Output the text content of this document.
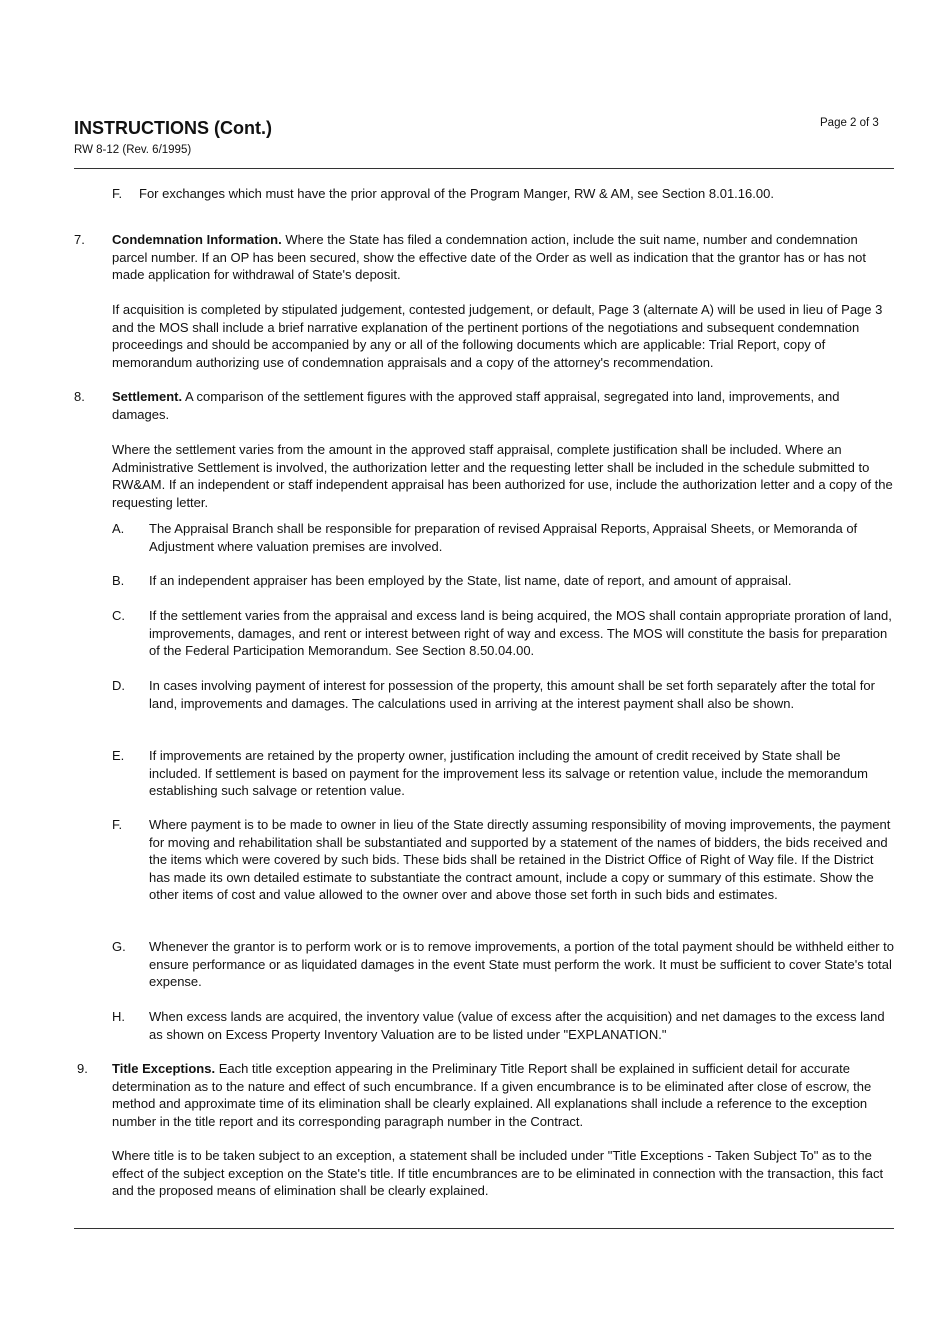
INSTRUCTIONS (Cont.)
RW 8-12 (Rev. 6/1995)
Page 2 of 3
F. For exchanges which must have the prior approval of the Program Manger, RW & AM, see Section 8.01.16.00.
7. Condemnation Information. Where the State has filed a condemnation action, include the suit name, number and condemnation parcel number. If an OP has been secured, show the effective date of the Order as well as indication that the grantor has or has not made application for withdrawal of State's deposit.

If acquisition is completed by stipulated judgement, contested judgement, or default, Page 3 (alternate A) will be used in lieu of Page 3 and the MOS shall include a brief narrative explanation of the pertinent portions of the negotiations and subsequent condemnation proceedings and should be accompanied by any or all of the following documents which are applicable: Trial Report, copy of memorandum authorizing use of condemnation appraisals and a copy of the attorney's recommendation.
8. Settlement. A comparison of the settlement figures with the approved staff appraisal, segregated into land, improvements, and damages.

Where the settlement varies from the amount in the approved staff appraisal, complete justification shall be included. Where an Administrative Settlement is involved, the authorization letter and the requesting letter shall be included in the schedule submitted to RW&AM. If an independent or staff independent appraisal has been authorized for use, include the authorization letter and a copy of the requesting letter.
A. The Appraisal Branch shall be responsible for preparation of revised Appraisal Reports, Appraisal Sheets, or Memoranda of Adjustment where valuation premises are involved.
B. If an independent appraiser has been employed by the State, list name, date of report, and amount of appraisal.
C. If the settlement varies from the appraisal and excess land is being acquired, the MOS shall contain appropriate proration of land, improvements, damages, and rent or interest between right of way and excess. The MOS will constitute the basis for preparation of the Federal Participation Memorandum. See Section 8.50.04.00.
D. In cases involving payment of interest for possession of the property, this amount shall be set forth separately after the total for land, improvements and damages. The calculations used in arriving at the interest payment shall also be shown.
E. If improvements are retained by the property owner, justification including the amount of credit received by State shall be included. If settlement is based on payment for the improvement less its salvage or retention value, include the memorandum establishing such salvage or retention value.
F. Where payment is to be made to owner in lieu of the State directly assuming responsibility of moving improvements, the payment for moving and rehabilitation shall be substantiated and supported by a statement of the names of bidders, the bids received and the items which were covered by such bids. These bids shall be retained in the District Office of Right of Way file. If the District has made its own detailed estimate to substantiate the contract amount, include a copy or summary of this estimate. Show the other items of cost and value allowed to the owner over and above those set forth in such bids and estimates.
G. Whenever the grantor is to perform work or is to remove improvements, a portion of the total payment should be withheld either to ensure performance or as liquidated damages in the event State must perform the work. It must be sufficient to cover State's total expense.
H. When excess lands are acquired, the inventory value (value of excess after the acquisition) and net damages to the excess land as shown on Excess Property Inventory Valuation are to be listed under "EXPLANATION."
9. Title Exceptions. Each title exception appearing in the Preliminary Title Report shall be explained in sufficient detail for accurate determination as to the nature and effect of such encumbrance. If a given encumbrance is to be eliminated after close of escrow, the method and approximate time of its elimination shall be clearly explained. All explanations shall include a reference to the exception number in the title report and its corresponding paragraph number in the Contract.

Where title is to be taken subject to an exception, a statement shall be included under "Title Exceptions - Taken Subject To" as to the effect of the subject exception on the State's title. If title encumbrances are to be eliminated in connection with the transaction, this fact and the proposed means of elimination shall be clearly explained.
